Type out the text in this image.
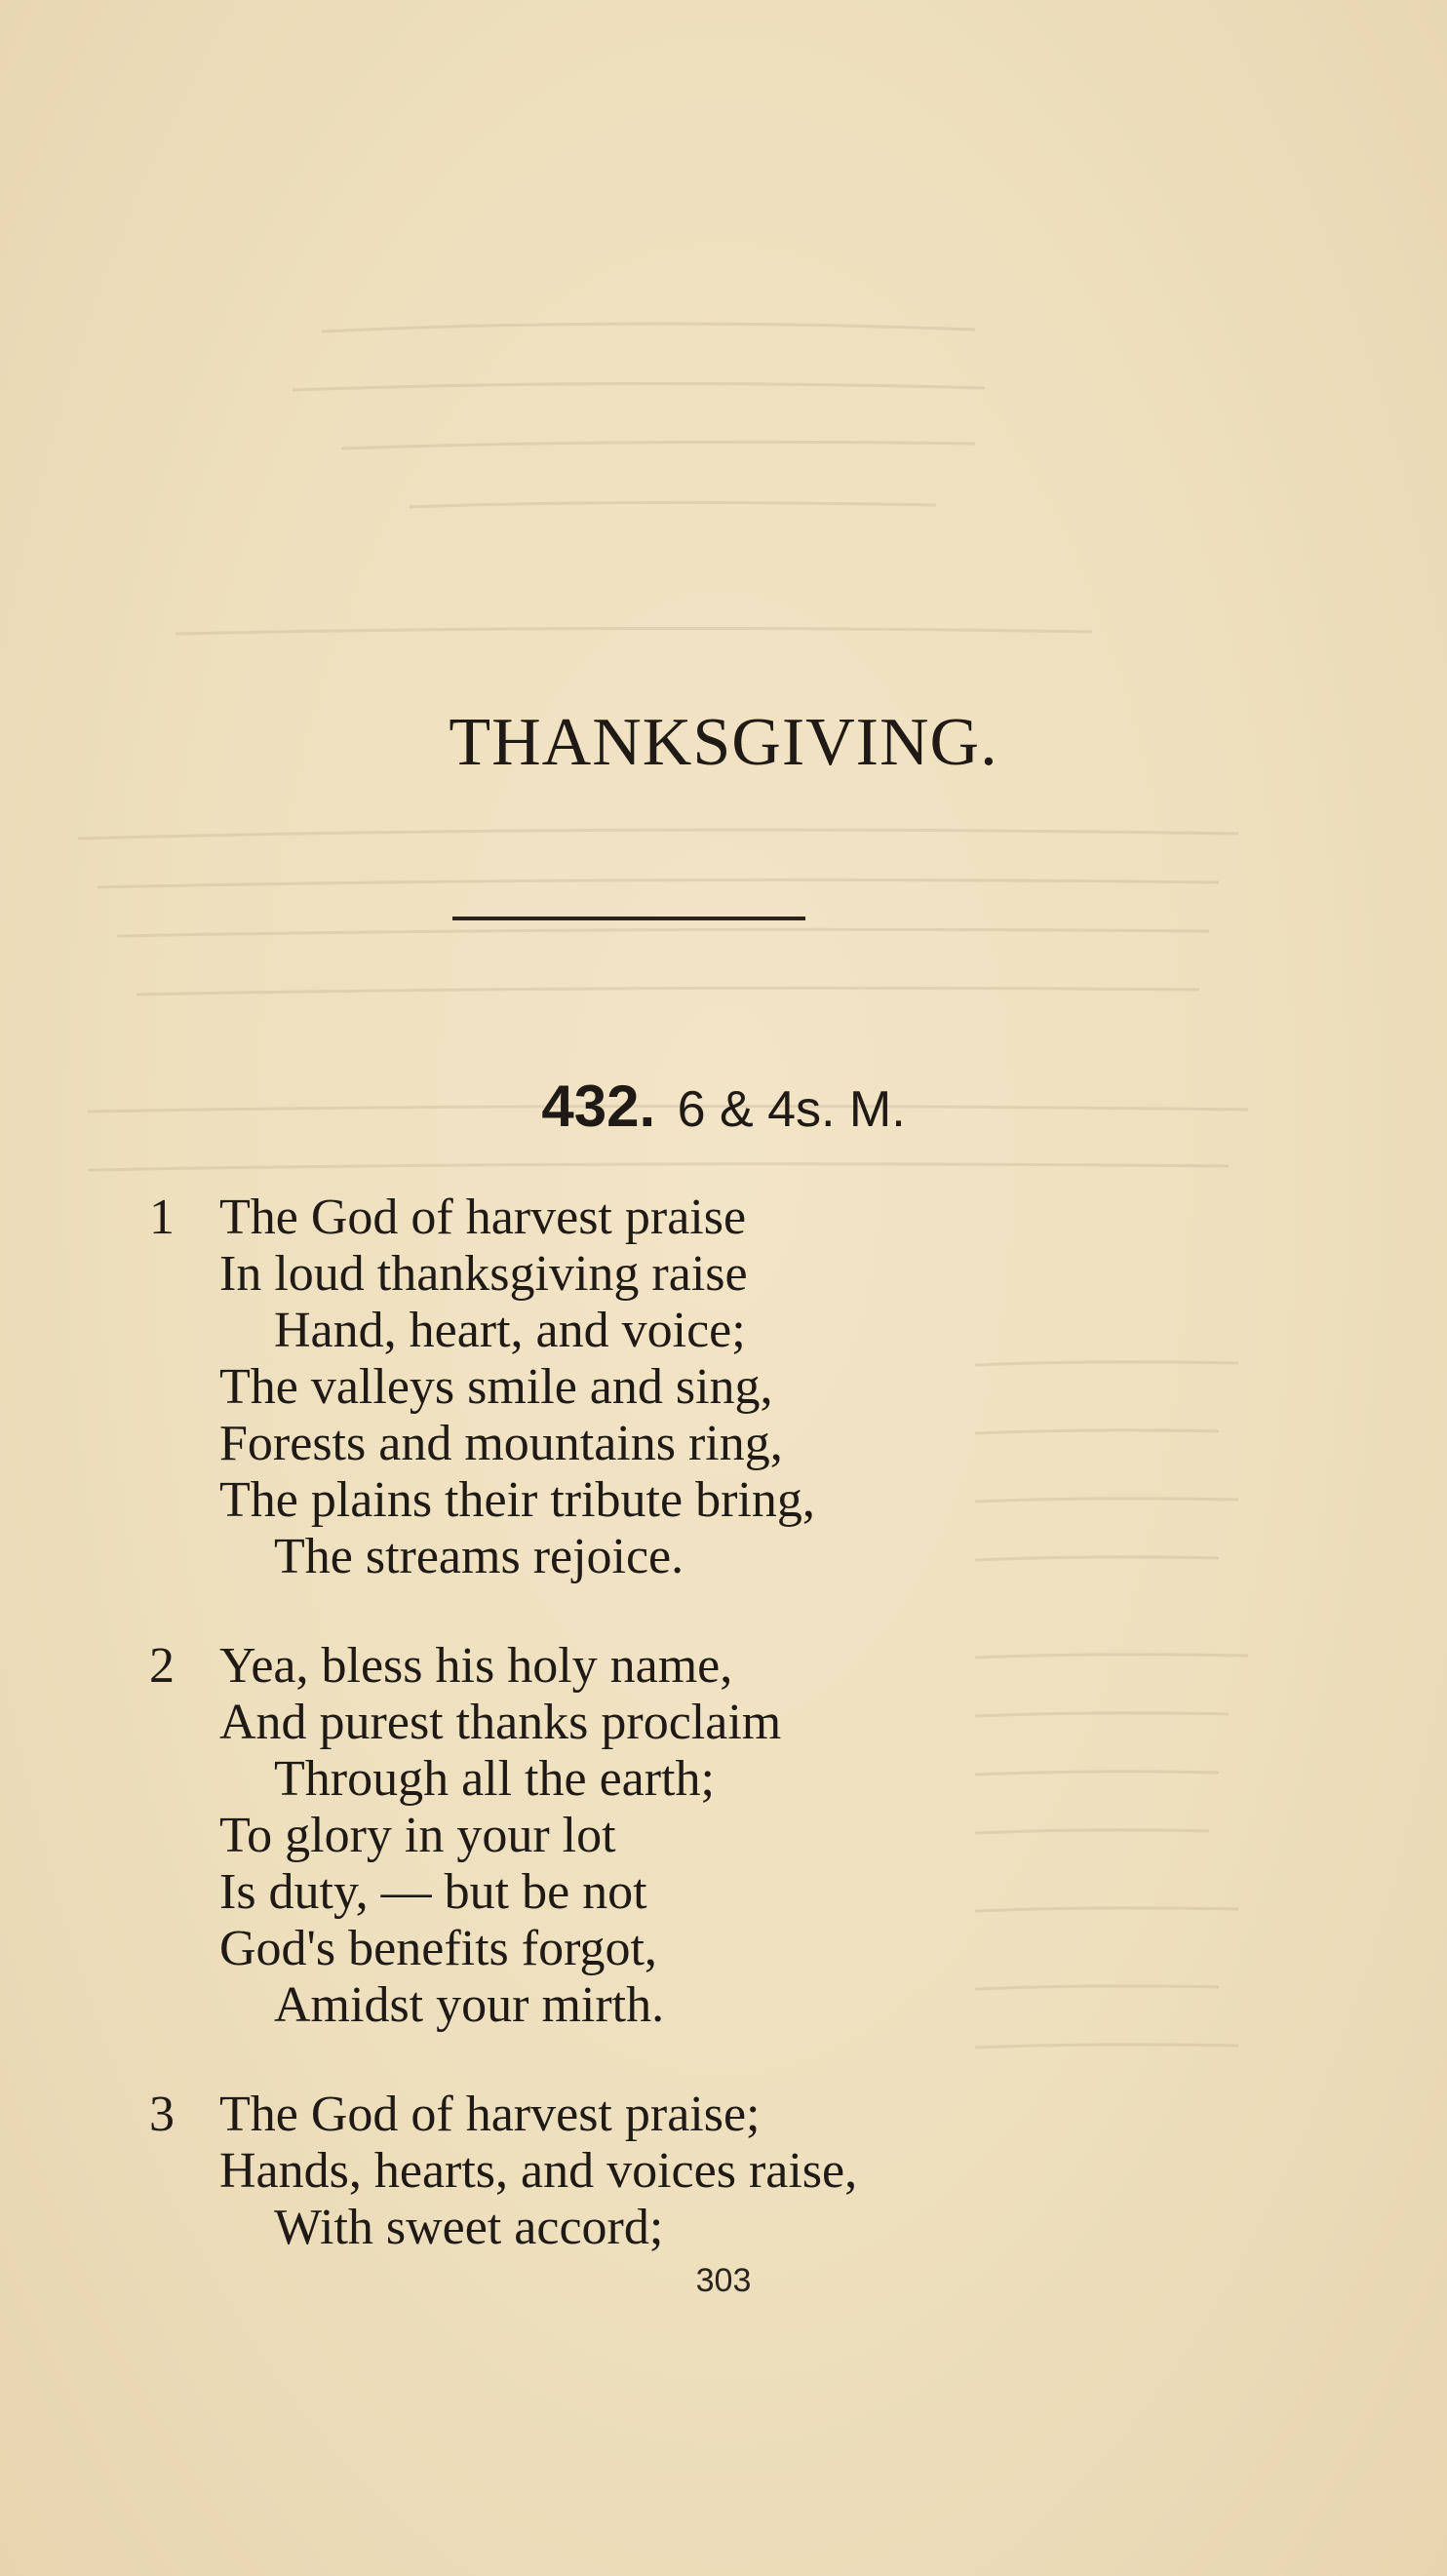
THANKSGIVING.
432. 6 & 4s. M.
1 The God of harvest praise
In loud thanksgiving raise
Hand, heart, and voice;
The valleys smile and sing,
Forests and mountains ring,
The plains their tribute bring,
The streams rejoice.
2 Yea, bless his holy name,
And purest thanks proclaim
Through all the earth;
To glory in your lot
Is duty, — but be not
God's benefits forgot,
Amidst your mirth.
3 The God of harvest praise;
Hands, hearts, and voices raise,
With sweet accord;
303
